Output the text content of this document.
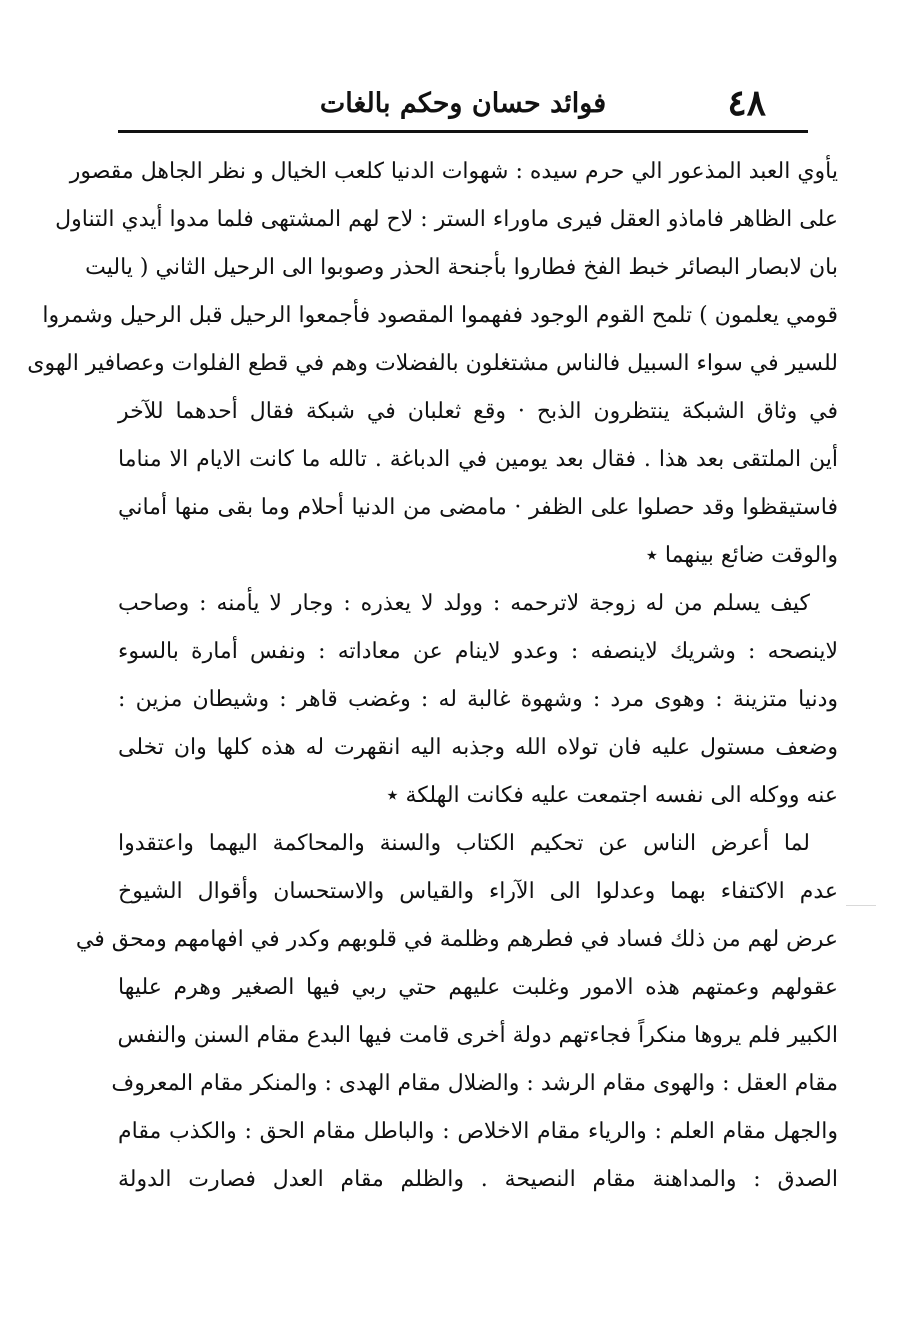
٤٨
فوائد حسان وحكم بالغات
يأوي العبد المذعور الي حرم سيده : شهوات الدنيا كلعب الخيال و نظر الجاهل مقصور
على الظاهر فاماذو العقل فيرى ماوراء الستر : لاح لهم المشتهى فلما مدوا أيدي التناول
بان لابصار البصائر خبط الفخ فطاروا بأجنحة الحذر وصوبوا الى الرحيل الثاني ( ياليت
قومي يعلمون ) تلمح القوم الوجود ففهموا المقصود فأجمعوا الرحيل قبل الرحيل وشمروا
للسير في سواء السبيل فالناس مشتغلون بالفضلات وهم في قطع الفلوات وعصافير الهوى
في وثاق الشبكة ينتظرون الذبح · وقع ثعلبان في شبكة فقال أحدهما للآخر
أين الملتقى بعد هذا . فقال بعد يومين في الدباغة . تالله ما كانت الايام الا مناما
فاستيقظوا وقد حصلوا على الظفر · مامضى من الدنيا أحلام وما بقى منها أماني
والوقت ضائع بينهما ٭
كيف يسلم من له زوجة لاترحمه : وولد لا يعذره : وجار لا يأمنه : وصاحب
لاينصحه : وشريك لاينصفه : وعدو لاينام عن معاداته : ونفس أمارة بالسوء
ودنيا متزينة : وهوى مرد : وشهوة غالبة له : وغضب قاهر : وشيطان مزين :
وضعف مستول عليه فان تولاه الله وجذبه اليه انقهرت له هذه كلها وان تخلى
عنه ووكله الى نفسه اجتمعت عليه فكانت الهلكة ٭
لما أعرض الناس عن تحكيم الكتاب والسنة والمحاكمة اليهما واعتقدوا
عدم الاكتفاء بهما وعدلوا الى الآراء والقياس والاستحسان وأقوال الشيوخ
عرض لهم من ذلك فساد في فطرهم وظلمة في قلوبهم وكدر في افهامهم ومحق في
عقولهم وعمتهم هذه الامور وغلبت عليهم حتي ربي فيها الصغير وهرم عليها
الكبير فلم يروها منكراً فجاءتهم دولة أخرى قامت فيها البدع مقام السنن والنفس
مقام العقل : والهوى مقام الرشد : والضلال مقام الهدى : والمنكر مقام المعروف
والجهل مقام العلم : والرياء مقام الاخلاص : والباطل مقام الحق : والكذب مقام
الصدق : والمداهنة مقام النصيحة . والظلم مقام العدل فصارت الدولة
